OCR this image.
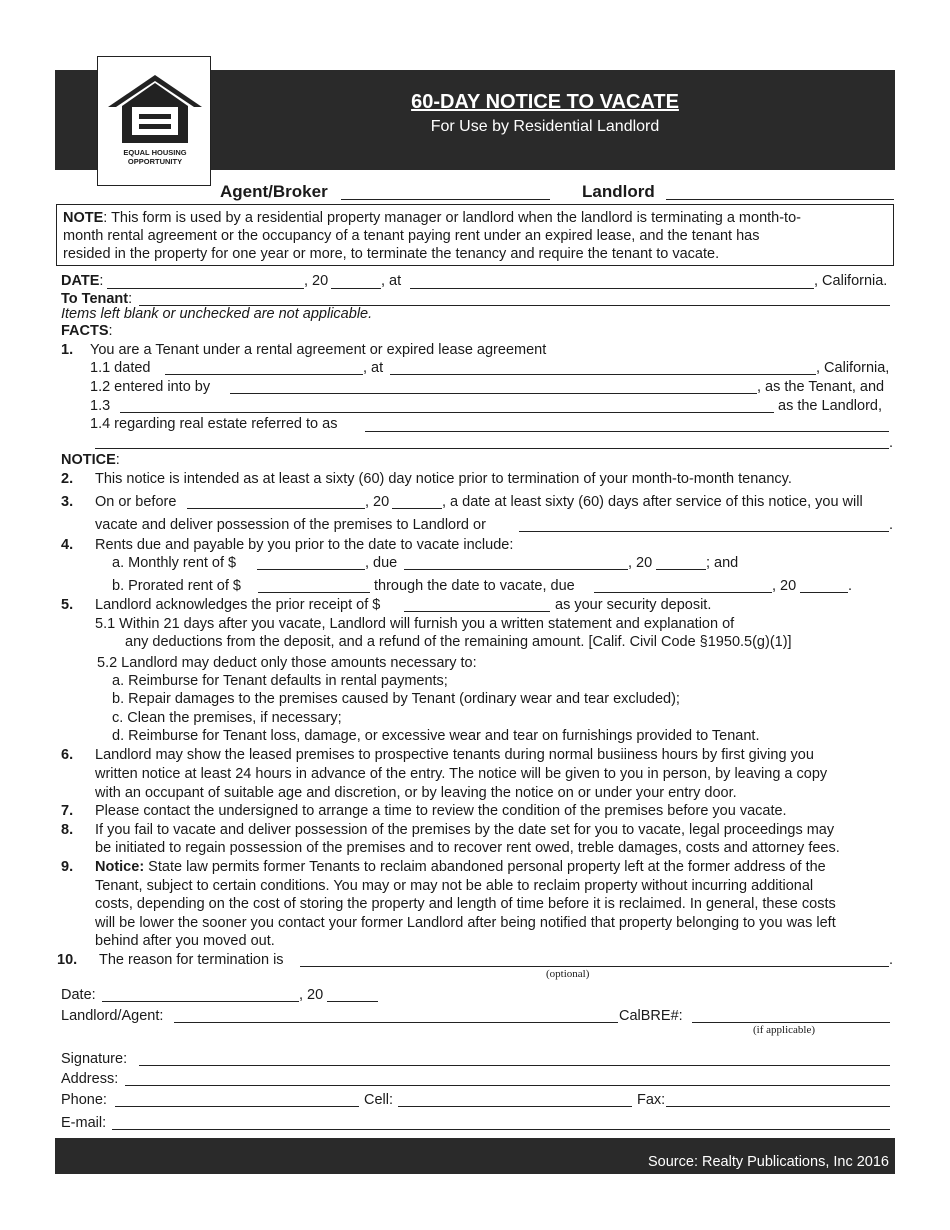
EQUAL HOUSING
OPPORTUNITY
60-DAY NOTICE TO VACATE
For Use by Residential Landlord
Agent/Broker	Landlord
NOTE: This form is used by a residential property manager or landlord when the landlord is terminating a month-to-
month rental agreement or the occupancy of a tenant paying rent under an expired lease, and the tenant has
resided in the property for one year or more, to terminate the tenancy and require the tenant to vacate.
DATE:	, 20	, at	, California.
To Tenant:
Items left blank or unchecked are not applicable.
FACTS:
1. You are a Tenant under a rental agreement or expired lease agreement
1.1 dated	, at	, California,
1.2 entered into by	, as the Tenant, and
1.3	as the Landlord,
1.4 regarding real estate referred to as
.
NOTICE:
2. This notice is intended as at least a sixty (60) day notice prior to termination of your month-to-month tenancy.
3. On or before	, 20	, a date at least sixty (60) days after service of this notice, you will
vacate and deliver possession of the premises to Landlord or	.
4. Rents due and payable by you prior to the date to vacate include:
a. Monthly rent of $	, due	, 20	; and
b. Prorated rent of $	through the date to vacate, due	, 20	.
5. Landlord acknowledges the prior receipt of $	as your security deposit.
5.1 Within 21 days after you vacate, Landlord will furnish you a written statement and explanation of
any deductions from the deposit, and a refund of the remaining amount. [Calif. Civil Code §1950.5(g)(1)]
5.2 Landlord may deduct only those amounts necessary to:
a. Reimburse for Tenant defaults in rental payments;
b. Repair damages to the premises caused by Tenant (ordinary wear and tear excluded);
c. Clean the premises, if necessary;
d. Reimburse for Tenant loss, damage, or excessive wear and tear on furnishings provided to Tenant.
6. Landlord may show the leased premises to prospective tenants during normal busiiness hours by first giving you
written notice at least 24 hours in advance of the entry. The notice will be given to you in person, by leaving a copy
with an occupant of suitable age and discretion, or by leaving the notice on or under your entry door.
7. Please contact the undersigned to arrange a time to review the condition of the premises before you vacate.
8. If you fail to vacate and deliver possession of the premises by the date set for you to vacate, legal proceedings may
be initiated to regain possession of the premises and to recover rent owed, treble damages, costs and attorney fees.
9. Notice: State law permits former Tenants to reclaim abandoned personal property left at the former address of the
Tenant, subject to certain conditions. You may or may not be able to reclaim property without incurring additional
costs, depending on the cost of storing the property and length of time before it is reclaimed. In general, these costs
will be lower the sooner you contact your former Landlord after being notified that property belonging to you was left
behind after you moved out.
10. The reason for termination is	.
(optional)
Date:	, 20
Landlord/Agent:	CalBRE#:
(if applicable)
Signature:
Address:
Phone:	Cell:	Fax:
E-mail:
Source: Realty Publications, Inc 2016
